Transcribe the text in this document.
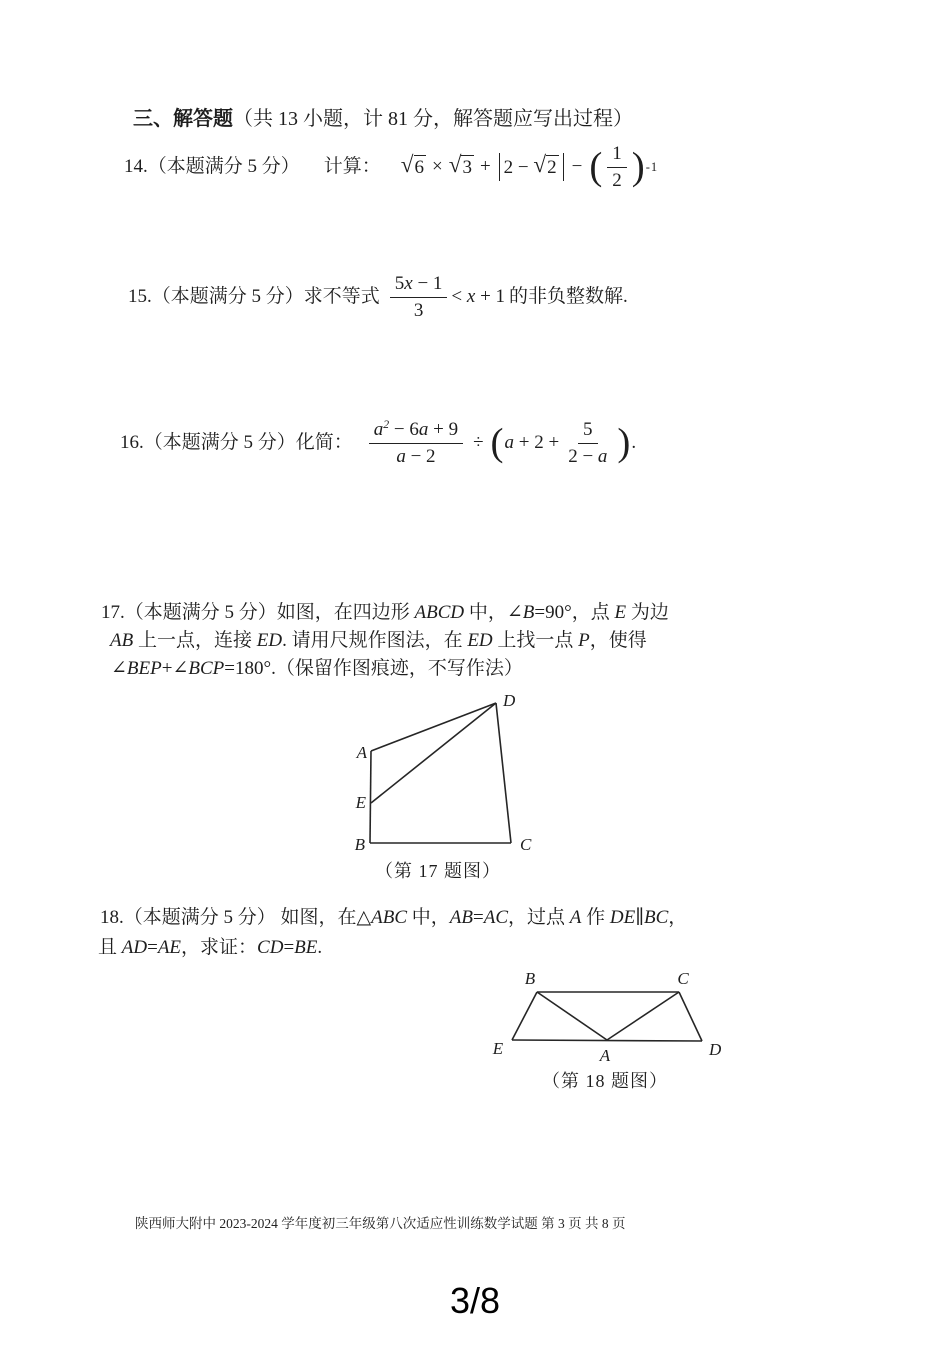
三、解答题（共 13 小题，计 81 分，解答题应写出过程）
14.（本题满分 5 分） 计算： √ 6 × √ 3 + 2 − √ 2 − ( $\frac{1}{2}$ ) -1
15.（本题满分 5 分）求不等式 $\frac{5x - 1}{3} < x + 1$ 的非负整数解.
16.（本题满分 5 分）化简： $\frac{a^2 - 6a + 9}{a - 2}$ ÷ ( $a + 2 + \frac{5}{2 - a}$ ) .
17.（本题满分 5 分）如图，在四边形 ABCD 中，∠B=90°，点 E 为边
AB 上一点，连接 ED. 请用尺规作图法，在 ED 上找一点 P，使得
∠BEP+∠BCP=180°.（保留作图痕迹，不写作法）
A
E
B	C
D
（第 17 题图）
18.（本题满分 5 分） 如图，在△ABC 中，AB=AC，过点 A 作 DE∥BC，
且 AD=AE，求证：CD=BE.
B	C
E	A	D
（第 18 题图）
陕西师大附中 2023-2024 学年度初三年级第八次适应性训练数学试题 第 3 页 共 8 页
3/8
